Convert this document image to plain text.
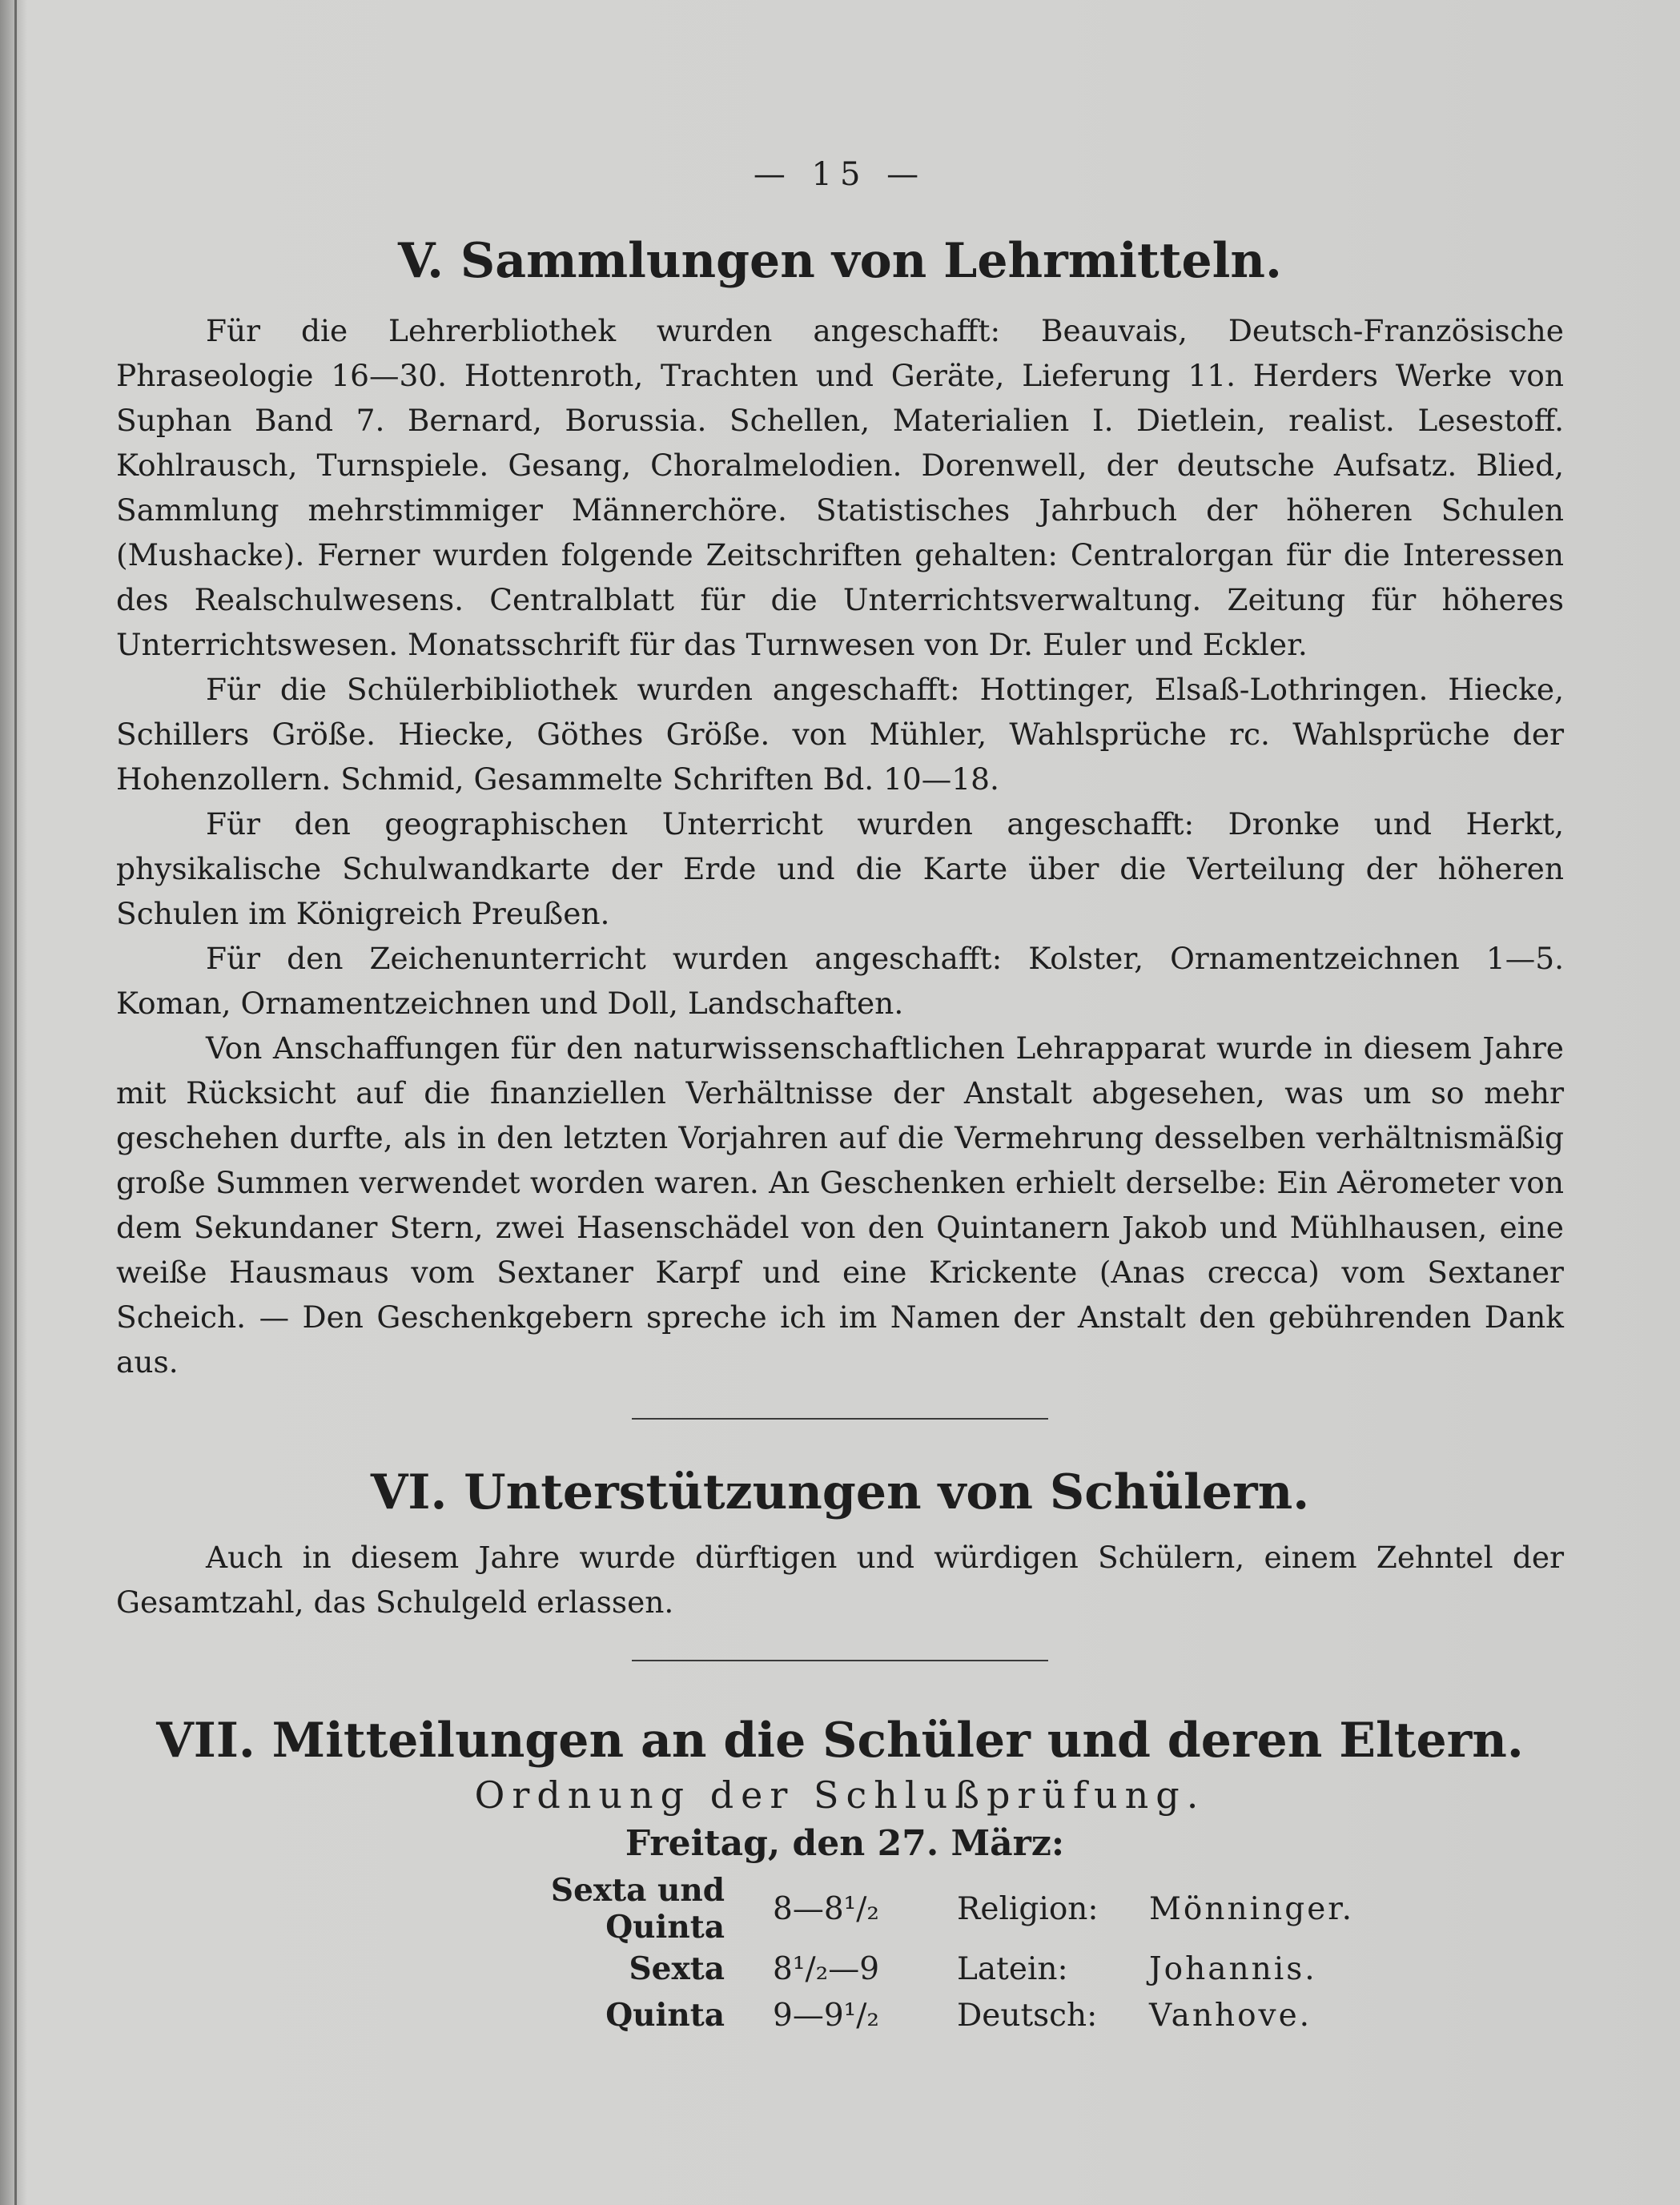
— 15 —
V. Sammlungen von Lehrmitteln.

Für die Lehrerbliothek wurden angeschafft: Beauvais, Deutsch-Französische Phraseologie 16—30. Hottenroth, Trachten und Geräte, Lieferung 11. Herders Werke von Suphan Band 7. Bernard, Borussia. Schellen, Materialien I. Dietlein, realist. Lesestoff. Kohlrausch, Turnspiele. Gesang, Choralmelodien. Dorenwell, der deutsche Aufsatz. Blied, Sammlung mehrstimmiger Männerchöre. Statistisches Jahrbuch der höheren Schulen (Mushacke). Ferner wurden folgende Zeitschriften gehalten: Centralorgan für die Interessen des Realschulwesens. Centralblatt für die Unterrichtsverwaltung. Zeitung für höheres Unterrichtswesen. Monatsschrift für das Turnwesen von Dr. Euler und Eckler.

Für die Schülerbibliothek wurden angeschafft: Hottinger, Elsaß-Lothringen. Hiecke, Schillers Größe. Hiecke, Göthes Größe. von Mühler, Wahlsprüche rc. Wahlsprüche der Hohenzollern. Schmid, Gesammelte Schriften Bd. 10—18.

Für den geographischen Unterricht wurden angeschafft: Dronke und Herkt, physikalische Schulwandkarte der Erde und die Karte über die Verteilung der höheren Schulen im Königreich Preußen.

Für den Zeichenunterricht wurden angeschafft: Kolster, Ornamentzeichnen 1—5. Koman, Ornamentzeichnen und Doll, Landschaften.

Von Anschaffungen für den naturwissenschaftlichen Lehrapparat wurde in diesem Jahre mit Rücksicht auf die finanziellen Verhältnisse der Anstalt abgesehen, was um so mehr geschehen durfte, als in den letzten Vorjahren auf die Vermehrung desselben verhältnismäßig große Summen verwendet worden waren. An Geschenken erhielt derselbe: Ein Aërometer von dem Sekundaner Stern, zwei Hasenschädel von den Quintanern Jakob und Mühlhausen, eine weiße Hausmaus vom Sextaner Karpf und eine Krickente (Anas crecca) vom Sextaner Scheich. — Den Geschenkgebern spreche ich im Namen der Anstalt den gebührenden Dank aus.

VI. Unterstützungen von Schülern.

Auch in diesem Jahre wurde dürftigen und würdigen Schülern, einem Zehntel der Gesamtzahl, das Schulgeld erlassen.

VII. Mitteilungen an die Schüler und deren Eltern.
Ordnung der Schlußprüfung.
Freitag, den 27. März:
Sexta und Quinta	8—8¹/₂	Religion:	Mönninger.
Sexta	8¹/₂—9	Latein:	Johannis.
Quinta	9—9¹/₂	Deutsch:	Vanhove.
